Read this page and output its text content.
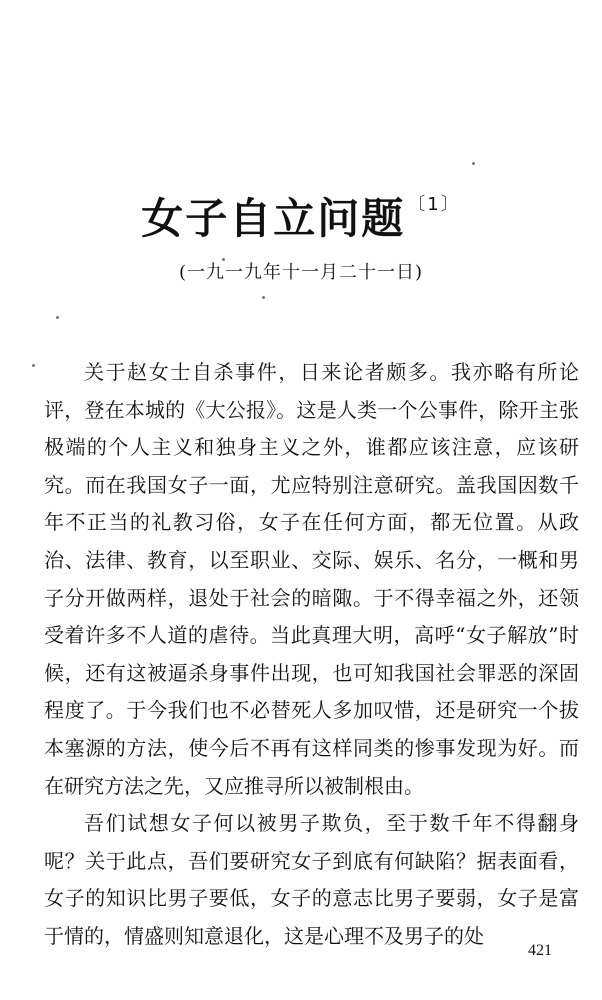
女子自立问题 $^{〔1〕}$
(一九一九年十一月二十一日)

关于赵女士自杀事件，日来论者颇多。我亦略有所论评，登在本城的《大公报》。这是人类一个公事件，除开主张极端的个人主义和独身主义之外，谁都应该注意，应该研究。而在我国女子一面，尤应特别注意研究。盖我国因数千年不正当的礼教习俗，女子在任何方面，都无位置。从政治、法律、教育，以至职业、交际、娱乐、名分，一概和男子分开做两样，退处于社会的暗陬。于不得幸福之外，还领受着许多不人道的虐待。当此真理大明，高呼“女子解放”时候，还有这被逼杀身事件出现，也可知我国社会罪恶的深固程度了。于今我们也不必替死人多加叹惜，还是研究一个拔本塞源的方法，使今后不再有这样同类的惨事发现为好。而在研究方法之先，又应推寻所以被制根由。

吾们试想女子何以被男子欺负，至于数千年不得翻身呢？关于此点，吾们要研究女子到底有何缺陷？据表面看，女子的知识比男子要低，女子的意志比男子要弱，女子是富于情的，情盛则知意退化，这是心理不及男子的处

421
